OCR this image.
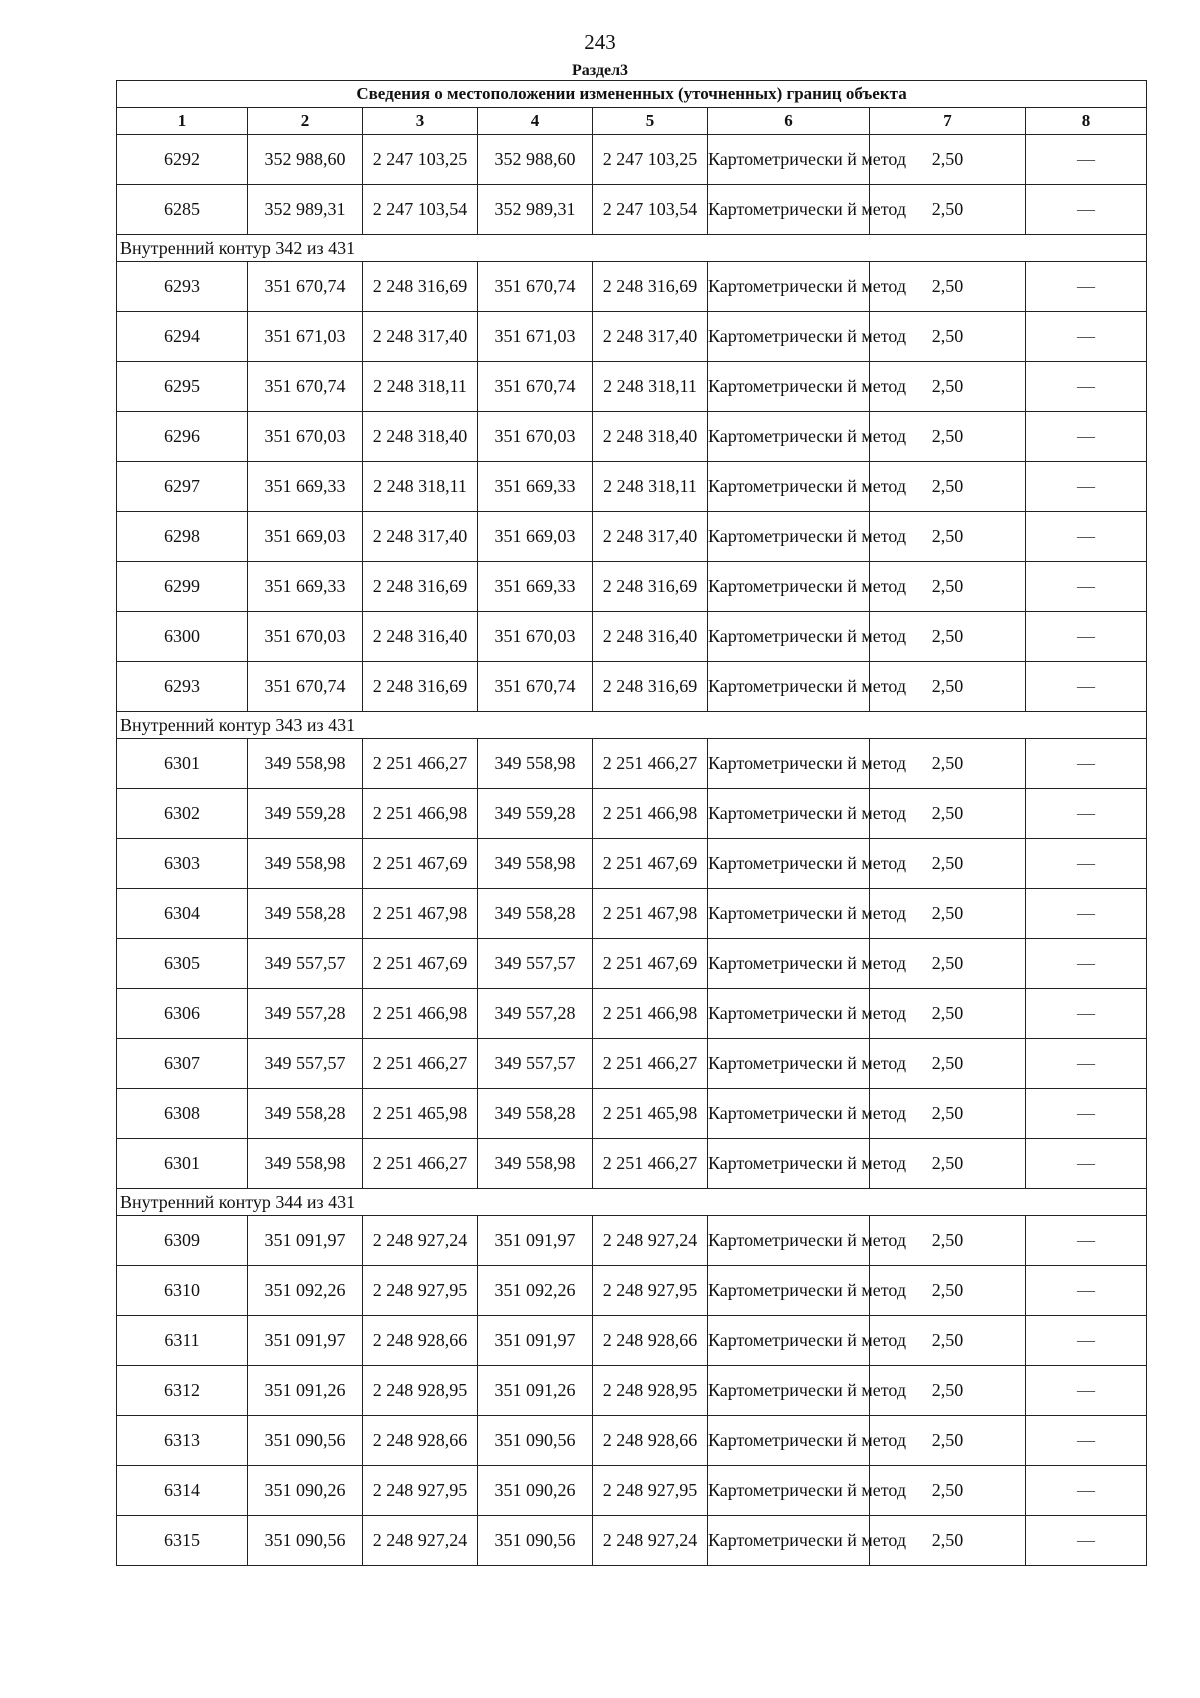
243
Раздел3
Сведения о местоположении измененных (уточненных) границ объекта							
1	2	3	4	5	6	7	8
6292	352 988,60	2 247 103,25	352 988,60	2 247 103,25	Картометрически й метод	2,50	—
6285	352 989,31	2 247 103,54	352 989,31	2 247 103,54	Картометрически й метод	2,50	—
Внутренний контур 342 из 431							
6293	351 670,74	2 248 316,69	351 670,74	2 248 316,69	Картометрически й метод	2,50	—
6294	351 671,03	2 248 317,40	351 671,03	2 248 317,40	Картометрически й метод	2,50	—
6295	351 670,74	2 248 318,11	351 670,74	2 248 318,11	Картометрически й метод	2,50	—
6296	351 670,03	2 248 318,40	351 670,03	2 248 318,40	Картометрически й метод	2,50	—
6297	351 669,33	2 248 318,11	351 669,33	2 248 318,11	Картометрически й метод	2,50	—
6298	351 669,03	2 248 317,40	351 669,03	2 248 317,40	Картометрически й метод	2,50	—
6299	351 669,33	2 248 316,69	351 669,33	2 248 316,69	Картометрически й метод	2,50	—
6300	351 670,03	2 248 316,40	351 670,03	2 248 316,40	Картометрически й метод	2,50	—
6293	351 670,74	2 248 316,69	351 670,74	2 248 316,69	Картометрически й метод	2,50	—
Внутренний контур 343 из 431							
6301	349 558,98	2 251 466,27	349 558,98	2 251 466,27	Картометрически й метод	2,50	—
6302	349 559,28	2 251 466,98	349 559,28	2 251 466,98	Картометрически й метод	2,50	—
6303	349 558,98	2 251 467,69	349 558,98	2 251 467,69	Картометрически й метод	2,50	—
6304	349 558,28	2 251 467,98	349 558,28	2 251 467,98	Картометрически й метод	2,50	—
6305	349 557,57	2 251 467,69	349 557,57	2 251 467,69	Картометрически й метод	2,50	—
6306	349 557,28	2 251 466,98	349 557,28	2 251 466,98	Картометрически й метод	2,50	—
6307	349 557,57	2 251 466,27	349 557,57	2 251 466,27	Картометрически й метод	2,50	—
6308	349 558,28	2 251 465,98	349 558,28	2 251 465,98	Картометрически й метод	2,50	—
6301	349 558,98	2 251 466,27	349 558,98	2 251 466,27	Картометрически й метод	2,50	—
Внутренний контур 344 из 431							
6309	351 091,97	2 248 927,24	351 091,97	2 248 927,24	Картометрически й метод	2,50	—
6310	351 092,26	2 248 927,95	351 092,26	2 248 927,95	Картометрически й метод	2,50	—
6311	351 091,97	2 248 928,66	351 091,97	2 248 928,66	Картометрически й метод	2,50	—
6312	351 091,26	2 248 928,95	351 091,26	2 248 928,95	Картометрически й метод	2,50	—
6313	351 090,56	2 248 928,66	351 090,56	2 248 928,66	Картометрически й метод	2,50	—
6314	351 090,26	2 248 927,95	351 090,26	2 248 927,95	Картометрически й метод	2,50	—
6315	351 090,56	2 248 927,24	351 090,56	2 248 927,24	Картометрически й метод	2,50	—
